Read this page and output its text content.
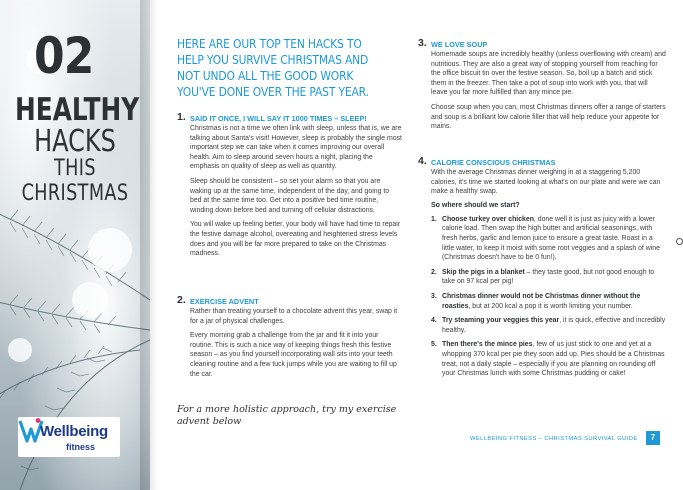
02
HEALTHY
HACKS
THIS CHRISTMAS
Wellbeing
fitness
HERE ARE OUR TOP TEN HACKS TO HELP YOU SURVIVE CHRISTMAS AND NOT UNDO ALL THE GOOD WORK YOU'VE DONE OVER THE PAST YEAR.
1. SAID IT ONCE, I WILL SAY IT 1000 TIMES – SLEEP!
Christmas is not a time we often link with sleep, unless that is, we are talking about Santa's visit! However, sleep is probably the single most important step we can take when it comes improving our overall health. Aim to sleep around seven hours a night, placing the emphasis on quality of sleep as well as quantity.
Sleep should be consistent – so set your alarm so that you are waking up at the same time, independent of the day, and going to bed at the same time too. Get into a positive bed time routine, winding down before bed and turning off cellular distractions.
You will wake up feeling better, your body will have had time to repair the festive damage alcohol, overeating and heightened stress levels does and you will be far more prepared to take on the Christmas madness.
2. EXERCISE ADVENT
Rather than treating yourself to a chocolate advent this year, swap it for a jar of physical challenges.
Every morning grab a challenge from the jar and fit it into your routine. This is such a nice way of keeping things fresh this festive season – as you find yourself incorporating wall sits into your teeth cleaning routine and a few tuck jumps while you are waiting to fill up the car.
For a more holistic approach, try my exercise advent below
3. WE LOVE SOUP
Homemade soups are incredibly healthy (unless overflowing with cream) and nutritious. They are also a great way of stopping yourself from reaching for the office biscuit tin over the festive season. So, boil up a batch and stick them in the freezer. Then take a pot of soup into work with you, that will leave you far more fulfilled than any mince pie.
Choose soup when you can, most Christmas dinners offer a range of starters and soup is a brilliant low calorie filler that will help reduce your appetite for mains.
4. CALORIE CONSCIOUS CHRISTMAS
With the average Christmas dinner weighing in at a staggering 5,200 calories, it's time we started looking at what's on our plate and were we can make a healthy swap.
So where should we start?
1. Choose turkey over chicken, done well it is just as juicy with a lower calorie load. Then swap the high butter and artificial seasonings, with fresh herbs, garlic and lemon juice to ensure a great taste. Roast in a little water, to keep it moist with some root veggies and a splash of wine (Christmas doesn't have to be 0 fun!).
2. Skip the pigs in a blanket – they taste good, but not good enough to take on 97 kcal per pig!
3. Christmas dinner would not be Christmas dinner without the roasties, but at 200 kcal a pop it is worth limiting your number.
4. Try steaming your veggies this year, it is quick, effective and incredibly healthy.
5. Then there's the mince pies, few of us just stick to one and yet at a whopping 370 kcal per pie they soon add up. Pies should be a Christmas treat, not a daily staple – especially if you are planning on rounding off your Christmas lunch with some Christmas pudding or cake!
WELLBEING FITNESS – CHRISTMAS SURVIVAL GUIDE	7
